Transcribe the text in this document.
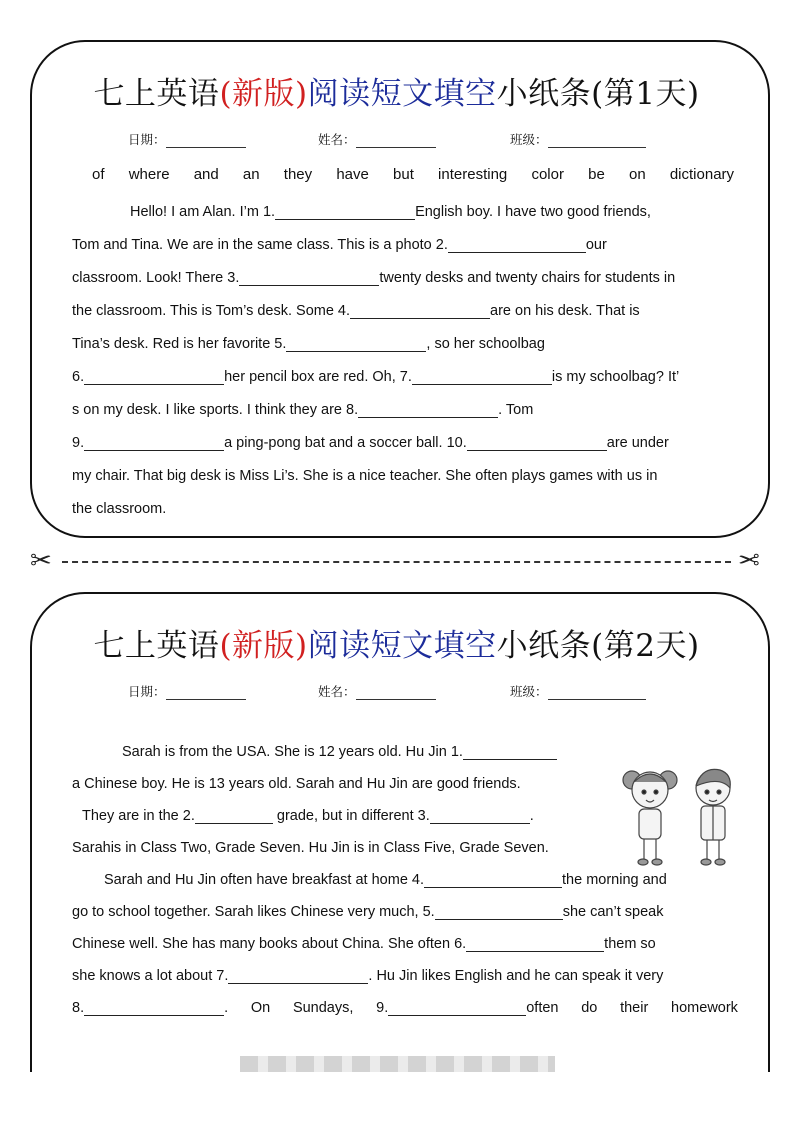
七上英语(新版)阅读短文填空小纸条(第1天)
日期：	姓名：	班级：
of where and an they have but interesting color be on dictionary
Hello! I am Alan. I’m 1.	English boy. I have two good friends,
Tom and Tina. We are in the same class. This is a photo 2.	our
classroom. Look! There 3.	twenty desks and twenty chairs for students in
the classroom. This is Tom’s desk. Some 4.	are on his desk. That is
Tina’s desk. Red is her favorite 5.	, so her schoolbag
6.	her pencil box are red. Oh, 7.	is my schoolbag? It’
s on my desk. I like sports. I think they are 8.	. Tom
9.	a ping-pong bat and a soccer ball. 10.	are under
my chair. That big desk is Miss Li’s. She is a nice teacher. She often plays games with us in
the classroom.
✂	✂
七上英语(新版)阅读短文填空小纸条(第2天)
日期：	姓名：	班级：
Sarah is from the USA. She is 12 years old. Hu Jin 1.
a Chinese boy. He is 13 years old. Sarah and Hu Jin are good friends.
They are in the 2.	grade, but in different 3.	.
Sarahis in Class Two, Grade Seven. Hu Jin is in Class Five, Grade Seven.
Sarah and Hu Jin often have breakfast at home 4.	the morning and
go to school together. Sarah likes Chinese very much, 5.	she can’t speak
Chinese well. She has many books about China. She often 6.	them so
she knows a lot about 7.	. Hu Jin likes English and he can speak it very
8.	. On Sundays, 9.	often do their homework
